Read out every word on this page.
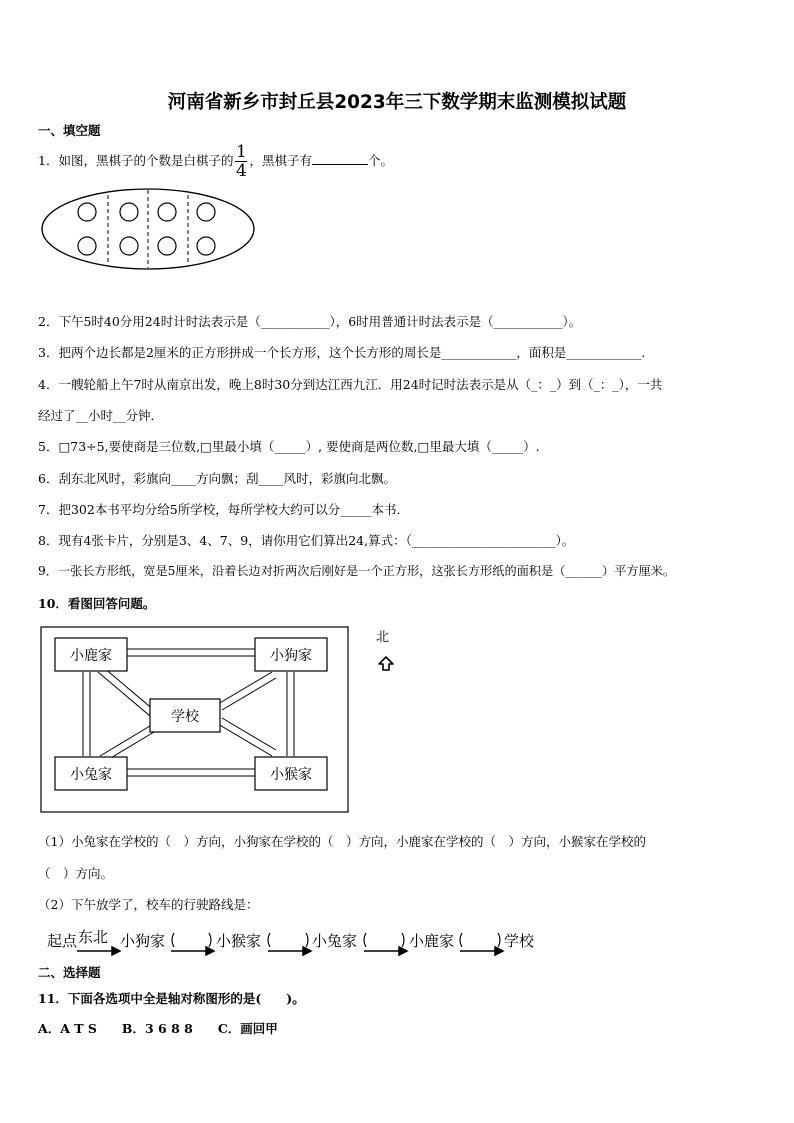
河南省新乡市封丘县2023年三下数学期末监测模拟试题
一、填空题
1．如图，黑棋子的个数是白棋子的 $\frac{1}{4}$ ，黑棋子有	个。
2．下午5时40分用24时计时法表示是（___________），6时用普通计时法表示是（___________）。
3．把两个边长都是2厘米的正方形拼成一个长方形，这个长方形的周长是____________，面积是____________.
4．一艘轮船上午7时从南京出发，晚上8时30分到达江西九江．用24时记时法表示是从（_：_）到（_：_），一共
经过了__小时__分钟．
5．□73÷5,要使商是三位数,□里最小填（_____）, 要使商是两位数,□里最大填（_____）.
6．刮东北风时，彩旗向____方向飘；刮____风时，彩旗向北飘。
7．把302本书平均分给5所学校，每所学校大约可以分_____本书．
8．现有4张卡片，分别是3、4、7、9，请你用它们算出24,算式：（_______________________）。
9．一张长方形纸，宽是5厘米，沿着长边对折两次后刚好是一个正方形，这张长方形纸的面积是（______）平方厘米。
10．看图回答问题。
小鹿家	小狗家
学校
小兔家	小猴家
北
（1）小兔家在学校的（　）方向，小狗家在学校的（　）方向，小鹿家在学校的（　）方向，小猴家在学校的
（　）方向。
（2）下午放学了，校车的行驶路线是：
起点 东北 小狗家	小猴家	小兔家	小鹿家	学校
二、选择题
11．下面各选项中全是轴对称图形的是(　　)。
A．A T S　　B．3 6 8 8　　C．画回甲
